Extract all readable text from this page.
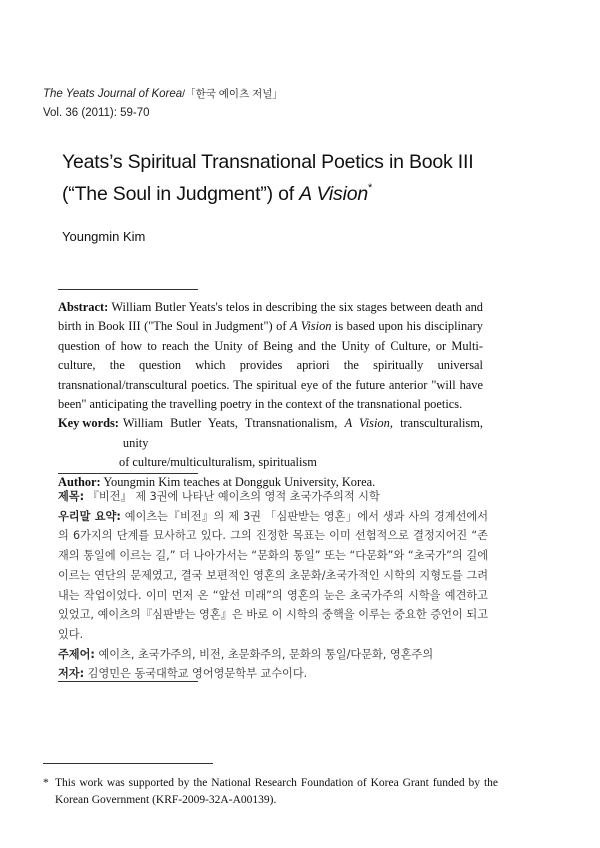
The Yeats Journal of Korea/「한국 예이츠 저널」
Vol. 36 (2011): 59-70
Yeats’s Spiritual Transnational Poetics in Book III
(“The Soul in Judgment”) of A Vision*
Youngmin Kim

Abstract: William Butler Yeats's telos in describing the six stages between death and birth in Book III ("The Soul in Judgment") of A Vision is based upon his disciplinary question of how to reach the Unity of Being and the Unity of Culture, or Multi-culture, the question which provides apriori the spiritually universal transnational/transcultural poetics. The spiritual eye of the future anterior "will have been" anticipating the travelling poetry in the context of the transnational poetics.

Key words: William Butler Yeats, Ttransnationalism, A Vision, transculturalism, unity
of culture/multiculturalism, spiritualism

Author: Youngmin Kim teaches at Dongguk University, Korea.

제목: 『비전』 제 3권에 나타난 예이츠의 영적 초국가주의적 시학

우리말 요약: 예이츠는『비전』의 제 3권 「심판받는 영혼」에서 생과 사의 경계선에서의 6가지의 단계를 묘사하고 있다. 그의 진정한 목표는 이미 선험적으로 결정지어진 “존재의 통일에 이르는 길,” 더 나아가서는 “문화의 통일” 또는 “다문화”와 “초국가”의 길에 이르는 연단의 문제였고, 결국 보편적인 영혼의 초문화/초국가적인 시학의 지형도를 그려내는 작업이었다. 이미 먼저 온 “앞선 미래”의 영혼의 눈은 초국가주의 시학을 예견하고 있었고, 예이츠의『심판받는 영혼』은 바로 이 시학의 중핵을 이루는 중요한 증언이 되고 있다.

주제어: 예이츠, 초국가주의, 비전, 초문화주의, 문화의 통일/다문화, 영혼주의

저자: 김영민은 동국대학교 영어영문학부 교수이다.

* This work was supported by the National Research Foundation of Korea Grant funded by the Korean Government (KRF-2009-32A-A00139).
